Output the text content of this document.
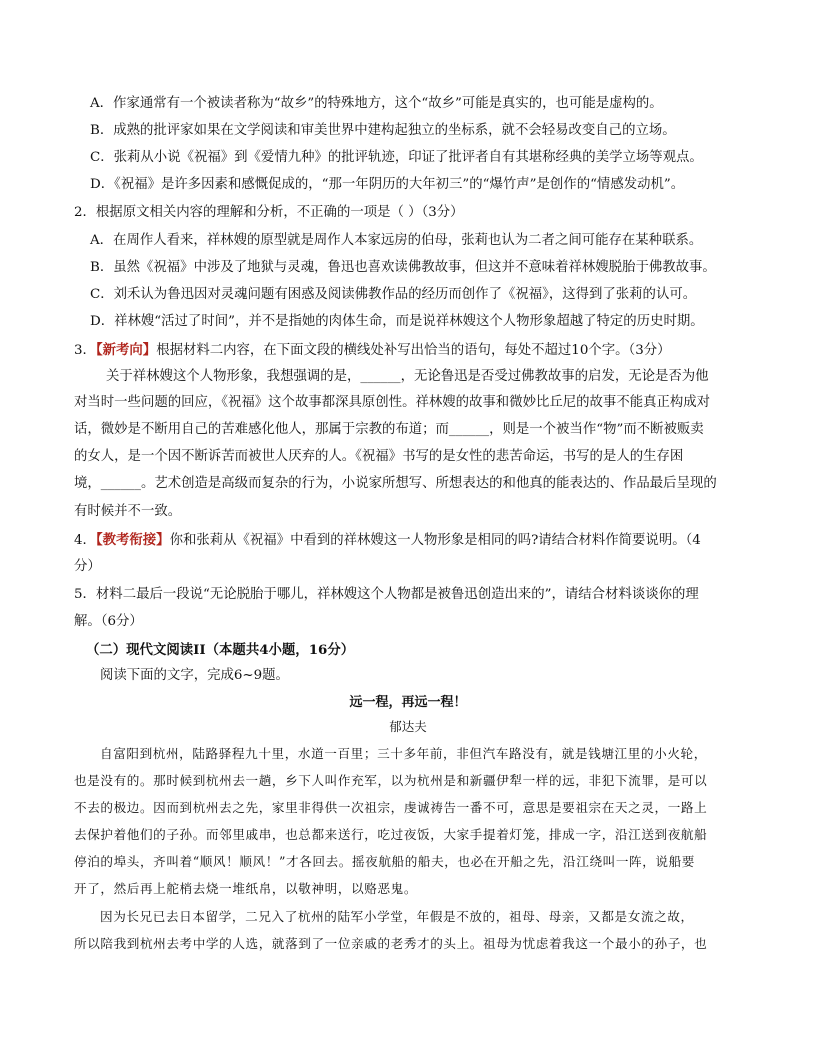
A．作家通常有一个被读者称为“故乡”的特殊地方，这个“故乡”可能是真实的，也可能是虚构的。
B．成熟的批评家如果在文学阅读和审美世界中建构起独立的坐标系，就不会轻易改变自己的立场。
C．张莉从小说《祝福》到《爱情九种》的批评轨迹，印证了批评者自有其堪称经典的美学立场等观点。
D．《祝福》是许多因素和感慨促成的，“那一年阴历的大年初三”的“爆竹声”是创作的“情感发动机”。
2．根据原文相关内容的理解和分析，不正确的一项是（ ）（3分）
A．在周作人看来，祥林嫂的原型就是周作人本家远房的伯母，张莉也认为二者之间可能存在某种联系。
B．虽然《祝福》中涉及了地狱与灵魂，鲁迅也喜欢读佛教故事，但这并不意味着祥林嫂脱胎于佛教故事。
C．刘禾认为鲁迅因对灵魂问题有困惑及阅读佛教作品的经历而创作了《祝福》，这得到了张莉的认可。
D．祥林嫂“活过了时间”，并不是指她的肉体生命，而是说祥林嫂这个人物形象超越了特定的历史时期。
3．【新考向】根据材料二内容，在下面文段的横线处补写出恰当的语句，每处不超过10个字。（3分）
关于祥林嫂这个人物形象，我想强调的是，______，无论鲁迅是否受过佛教故事的启发，无论是否为他
对当时一些问题的回应，《祝福》这个故事都深具原创性。祥林嫂的故事和微妙比丘尼的故事不能真正构成对
话，微妙是不断用自己的苦难感化他人，那属于宗教的布道；而______，则是一个被当作“物”而不断被贩卖
的女人，是一个因不断诉苦而被世人厌弃的人。《祝福》书写的是女性的悲苦命运，书写的是人的生存困
境，______。艺术创造是高级而复杂的行为，小说家所想写、所想表达的和他真的能表达的、作品最后呈现的
有时候并不一致。
4．【教考衔接】你和张莉从《祝福》中看到的祥林嫂这一人物形象是相同的吗?请结合材料作简要说明。（4
分）
5．材料二最后一段说“无论脱胎于哪儿，祥林嫂这个人物都是被鲁迅创造出来的”，请结合材料谈谈你的理
解。（6分）
（二）现代文阅读II（本题共4小题，16分）
阅读下面的文字，完成6~9题。
远一程，再远一程！
郁达夫
自富阳到杭州，陆路驿程九十里，水道一百里；三十多年前，非但汽车路没有，就是钱塘江里的小火轮，
也是没有的。那时候到杭州去一趟，乡下人叫作充军，以为杭州是和新疆伊犁一样的远，非犯下流罪，是可以
不去的极边。因而到杭州去之先，家里非得供一次祖宗，虔诚祷告一番不可，意思是要祖宗在天之灵，一路上
去保护着他们的子孙。而邻里戚串，也总都来送行，吃过夜饭，大家手提着灯笼，排成一字，沿江送到夜航船
停泊的埠头，齐叫着“顺风！顺风！”才各回去。摇夜航船的船夫，也必在开船之先，沿江绕叫一阵，说船要
开了，然后再上舵梢去烧一堆纸帛，以敬神明，以赂恶鬼。
因为长兄已去日本留学，二兄入了杭州的陆军小学堂，年假是不放的，祖母、母亲，又都是女流之故，
所以陪我到杭州去考中学的人选，就落到了一位亲戚的老秀才的头上。祖母为忧虑着我这一个最小的孙子，也
